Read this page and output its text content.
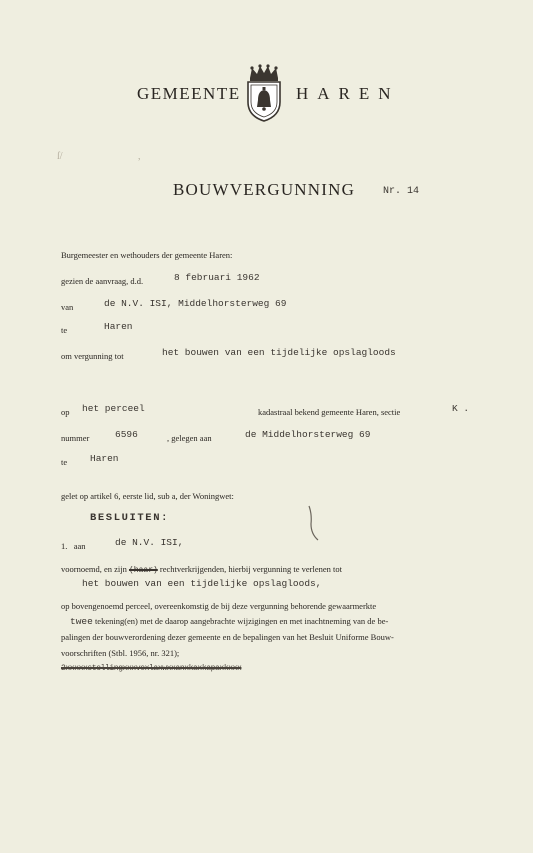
GEMEENTE	HAREN
ſ/	,
BOUWVERGUNNING	Nr. 14
Burgemeester en wethouders der gemeente Haren:
gezien de aanvraag, d.d.	8 februari 1962
van	de N.V. ISI, Middelhorsterweg 69
te	Haren
om vergunning tot	het bouwen van een tijdelijke opslagloods
op het perceel	kadastraal bekend gemeente Haren, sectie	K .
nummer	6596	, gelegen aan	de Middelhorsterweg 69
te Haren
gelet op artikel 6, eerste lid, sub a, der Woningwet:
BESLUITEN:
1.   aan	de N.V. ISI,
voornoemd, en zijn (haar) rechtverkrijgenden, hierbij vergunning te verlenen tot
het bouwen van een tijdelijke opslagloods,
op bovengenoemd perceel, overeenkomstig de bij deze vergunning behorende gewaarmerkte
twee tekening(en) met de daarop aangebrachte wijzigingen en met inachtneming van de be-
palingen der bouwverordening dezer gemeente en de bepalingen van het Besluit Uniforme Bouw-
voorschriften (Stbl. 1956, nr. 321);
2xxxxxstellingxxxvoxlaxwxxanxkaxkapaxkxxx
